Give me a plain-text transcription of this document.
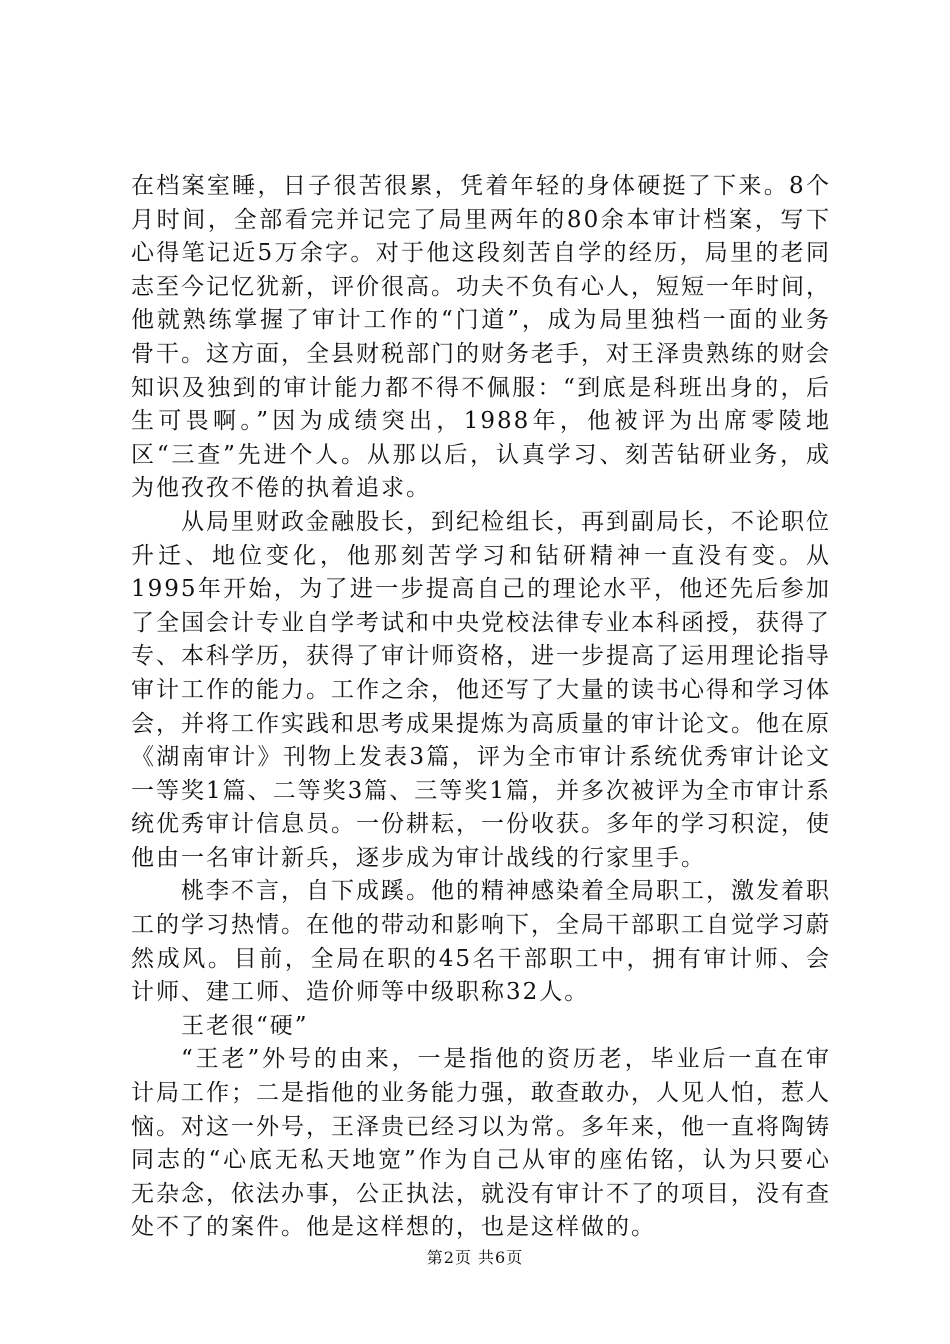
在档案室睡，日子很苦很累，凭着年轻的身体硬挺了下来。8个月时间，全部看完并记完了局里两年的80余本审计档案，写下心得笔记近5万余字。对于他这段刻苦自学的经历，局里的老同志至今记忆犹新，评价很高。功夫不负有心人，短短一年时间，他就熟练掌握了审计工作的“门道”，成为局里独档一面的业务骨干。这方面，全县财税部门的财务老手，对王泽贵熟练的财会知识及独到的审计能力都不得不佩服：“到底是科班出身的，后生可畏啊。”因为成绩突出，1988年，他被评为出席零陵地区“三查”先进个人。从那以后，认真学习、刻苦钻研业务，成为他孜孜不倦的执着追求。

从局里财政金融股长，到纪检组长，再到副局长，不论职位升迁、地位变化，他那刻苦学习和钻研精神一直没有变。从1995年开始，为了进一步提高自己的理论水平，他还先后参加了全国会计专业自学考试和中央党校法律专业本科函授，获得了专、本科学历，获得了审计师资格，进一步提高了运用理论指导审计工作的能力。工作之余，他还写了大量的读书心得和学习体会，并将工作实践和思考成果提炼为高质量的审计论文。他在原《湖南审计》刊物上发表3篇，评为全市审计系统优秀审计论文一等奖1篇、二等奖3篇、三等奖1篇，并多次被评为全市审计系统优秀审计信息员。一份耕耘，一份收获。多年的学习积淀，使他由一名审计新兵，逐步成为审计战线的行家里手。

桃李不言，自下成蹊。他的精神感染着全局职工，激发着职工的学习热情。在他的带动和影响下，全局干部职工自觉学习蔚然成风。目前，全局在职的45名干部职工中，拥有审计师、会计师、建工师、造价师等中级职称32人。

王老很“硬”

“王老”外号的由来，一是指他的资历老，毕业后一直在审计局工作；二是指他的业务能力强，敢查敢办，人见人怕，惹人恼。对这一外号，王泽贵已经习以为常。多年来，他一直将陶铸同志的“心底无私天地宽”作为自己从审的座佑铭，认为只要心无杂念，依法办事，公正执法，就没有审计不了的项目，没有查处不了的案件。他是这样想的，也是这样做的。

第2页 共6页
